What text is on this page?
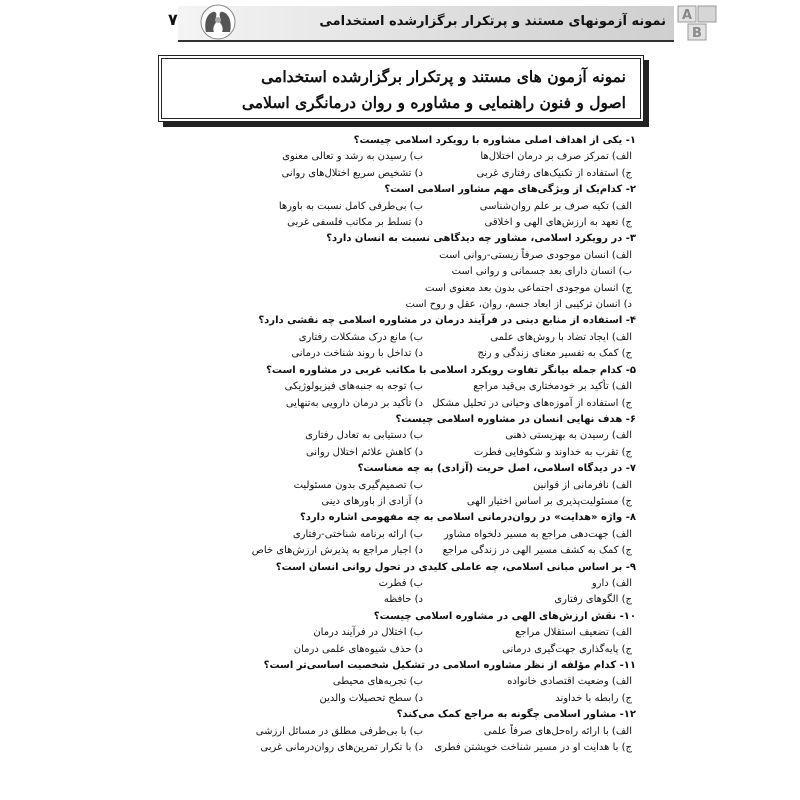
نمونه آزمونهای مستند و پرتکرار برگزارشده استخدامی
۷	A
B
نمونه آزمون های مستند و پرتکرار برگزارشده استخدامی
اصول و فنون راهنمایی و مشاوره و روان درمانگری اسلامی
۱- یکی از اهداف اصلی مشاوره با رویکرد اسلامی چیست؟
الف) تمرکز صرف بر درمان اختلال‌ها
ب) رسیدن به رشد و تعالی معنوی
ج) استفاده از تکنیک‌های رفتاری غربی
د) تشخیص سریع اختلال‌های روانی
۲- کدام‌یک از ویژگی‌های مهم مشاور اسلامی است؟
الف) تکیه صرف بر علم روان‌شناسی
ب) بی‌طرفی کامل نسبت به باورها
ج) تعهد به ارزش‌های الهی و اخلاقی
د) تسلط بر مکاتب فلسفی غربی
۳- در رویکرد اسلامی، مشاور چه دیدگاهی نسبت به انسان دارد؟
الف) انسان موجودی صرفاً زیستی-روانی است
ب) انسان دارای بعد جسمانی و روانی است
ج) انسان موجودی اجتماعی بدون بعد معنوی است
د) انسان ترکیبی از ابعاد جسم، روان، عقل و روح است
۴- استفاده از منابع دینی در فرآیند درمان در مشاوره اسلامی چه نقشی دارد؟
الف) ایجاد تضاد با روش‌های علمی
ب) مانع درک مشکلات رفتاری
ج) کمک به تفسیر معنای زندگی و رنج
د) تداخل با روند شناخت درمانی
۵- کدام جمله بیانگر تفاوت رویکرد اسلامی با مکاتب غربی در مشاوره است؟
الف) تأکید بر خودمختاری بی‌قید مراجع
ب) توجه به جنبه‌های فیزیولوژیکی
ج) استفاده از آموزه‌های وحیانی در تحلیل مشکل
د) تأکید بر درمان دارویی به‌تنهایی
۶- هدف نهایی انسان در مشاوره اسلامی چیست؟
الف) رسیدن به بهزیستی ذهنی
ب) دستیابی به تعادل رفتاری
ج) تقرب به خداوند و شکوفایی فطرت
د) کاهش علائم اختلال روانی
۷- در دیدگاه اسلامی، اصل حریت (آزادی) به چه معناست؟
الف) نافرمانی از قوانین
ب) تصمیم‌گیری بدون مسئولیت
ج) مسئولیت‌پذیری بر اساس اختیار الهی
د) آزادی از باورهای دینی
۸- واژه «هدایت» در روان‌درمانی اسلامی به چه مفهومی اشاره دارد؟
الف) جهت‌دهی مراجع به مسیر دلخواه مشاور
ب) ارائه برنامه شناختی-رفتاری
ج) کمک به کشف مسیر الهی در زندگی مراجع
د) اجبار مراجع به پذیرش ارزش‌های خاص
۹- بر اساس مبانی اسلامی، چه عاملی کلیدی در تحول روانی انسان است؟
الف) دارو
ب) فطرت
ج) الگوهای رفتاری
د) حافظه
۱۰- نقش ارزش‌های الهی در مشاوره اسلامی چیست؟
الف) تضعیف استقلال مراجع
ب) اختلال در فرآیند درمان
ج) پایه‌گذاری جهت‌گیری درمانی
د) حذف شیوه‌های علمی درمان
۱۱- کدام مؤلفه از نظر مشاوره اسلامی در تشکیل شخصیت اساسی‌تر است؟
الف) وضعیت اقتصادی خانواده
ب) تجربه‌های محیطی
ج) رابطه با خداوند
د) سطح تحصیلات والدین
۱۲- مشاور اسلامی چگونه به مراجع کمک می‌کند؟
الف) با ارائه راه‌حل‌های صرفاً علمی
ب) با بی‌طرفی مطلق در مسائل ارزشی
ج) با هدایت او در مسیر شناخت خویشتن فطری
د) با تکرار تمرین‌های روان‌درمانی غربی
